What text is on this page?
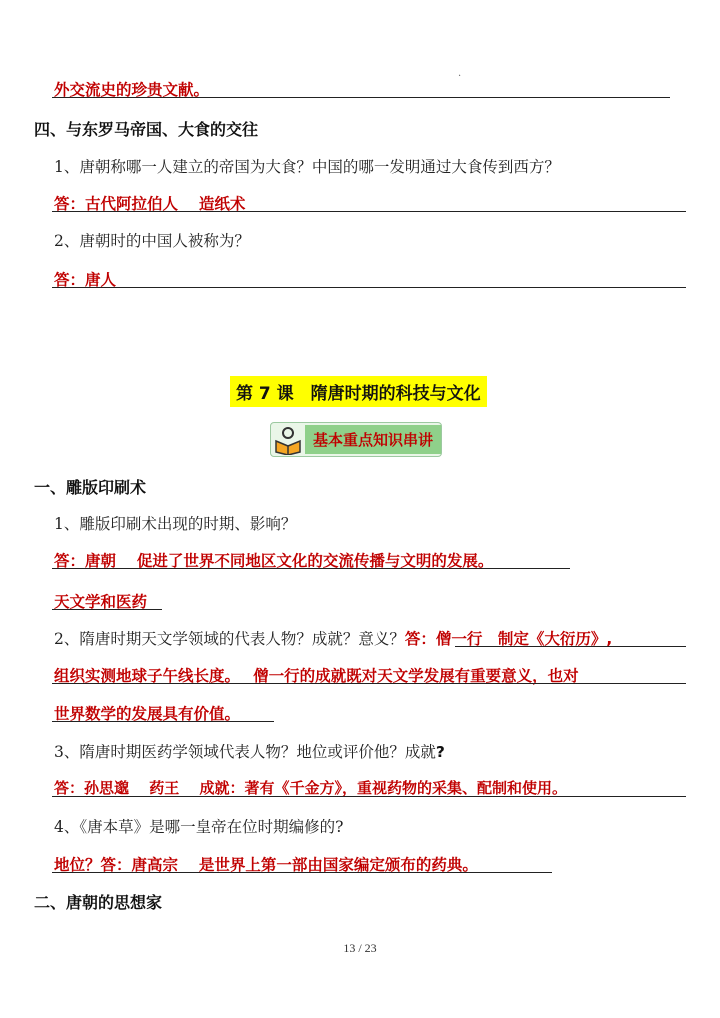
外交流史的珍贵文献。
.
四、与东罗马帝国、大食的交往
1、唐朝称哪一人建立的帝国为大食？中国的哪一发明通过大食传到西方？
答：古代阿拉伯人　 造纸术
2、唐朝时的中国人被称为？
答：唐人
第 7 课　隋唐时期的科技与文化
基本重点知识串讲
一、雕版印刷术
1、雕版印刷术出现的时期、影响？
答：唐朝　 促进了世界不同地区文化的交流传播与文明的发展。
天文学和医药
2、隋唐时期天文学领域的代表人物？成就？意义？答：僧一行　制定《大衍历》,
组织实测地球子午线长度。　 僧一行的成就既对天文学发展有重要意义，也对
世界数学的发展具有价值。
3、隋唐时期医药学领域代表人物？地位或评价他？成就?
答：孙思邈　 药王　 成就：著有《千金方》，重视药物的采集、配制和使用。
4、《唐本草》是哪一皇帝在位时期编修的?
地位？答：唐高宗　 是世界上第一部由国家编定颁布的药典。
二、唐朝的思想家
13 / 23
